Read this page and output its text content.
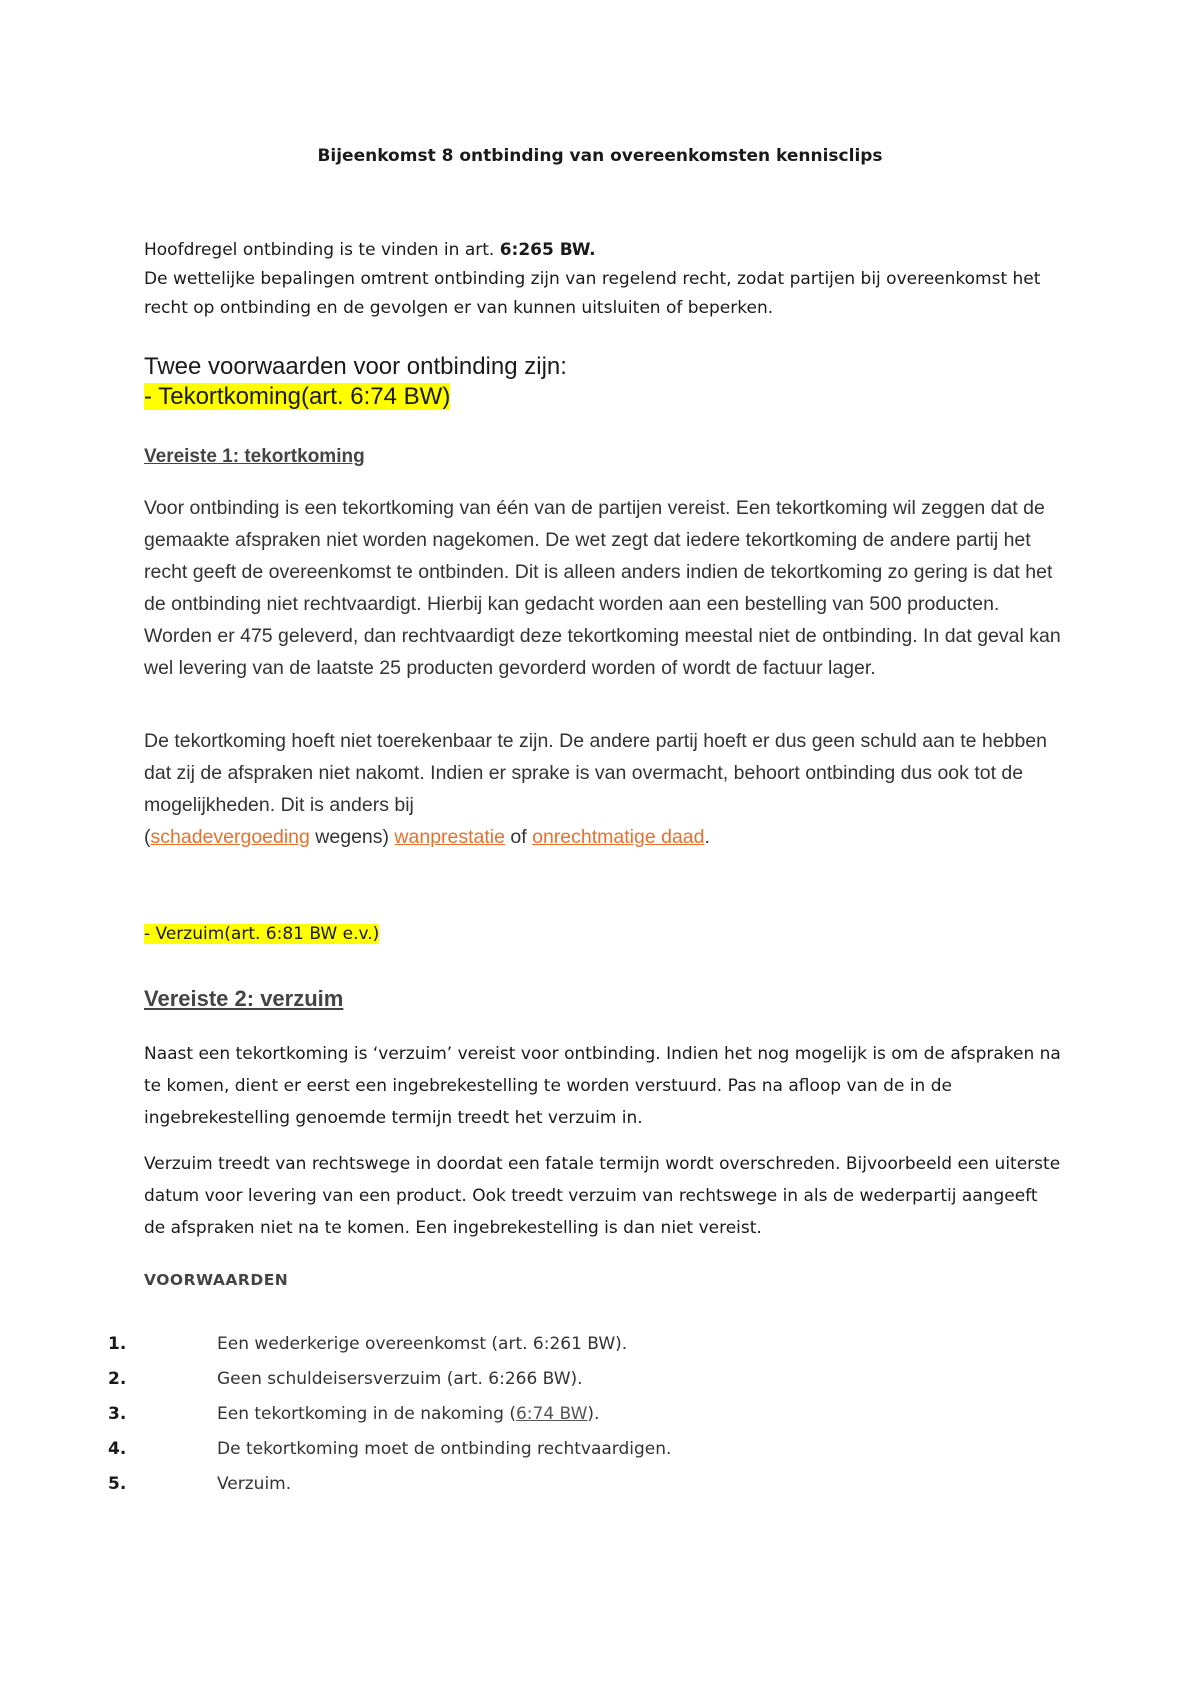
Bijeenkomst 8 ontbinding van overeenkomsten kennisclips
Hoofdregel ontbinding is te vinden in art. 6:265 BW.
De wettelijke bepalingen omtrent ontbinding zijn van regelend recht, zodat partijen bij overeenkomst het recht op ontbinding en de gevolgen er van kunnen uitsluiten of beperken.
Twee voorwaarden voor ontbinding zijn:
- Tekortkoming(art. 6:74 BW)
Vereiste 1: tekortkoming
Voor ontbinding is een tekortkoming van één van de partijen vereist. Een tekortkoming wil zeggen dat de gemaakte afspraken niet worden nagekomen. De wet zegt dat iedere tekortkoming de andere partij het recht geeft de overeenkomst te ontbinden. Dit is alleen anders indien de tekortkoming zo gering is dat het de ontbinding niet rechtvaardigt. Hierbij kan gedacht worden aan een bestelling van 500 producten. Worden er 475 geleverd, dan rechtvaardigt deze tekortkoming meestal niet de ontbinding. In dat geval kan wel levering van de laatste 25 producten gevorderd worden of wordt de factuur lager.
De tekortkoming hoeft niet toerekenbaar te zijn. De andere partij hoeft er dus geen schuld aan te hebben dat zij de afspraken niet nakomt. Indien er sprake is van overmacht, behoort ontbinding dus ook tot de mogelijkheden. Dit is anders bij
(schadevergoeding wegens) wanprestatie of onrechtmatige daad.
- Verzuim(art. 6:81 BW e.v.)
Vereiste 2: verzuim
Naast een tekortkoming is ‘verzuim’ vereist voor ontbinding. Indien het nog mogelijk is om de afspraken na te komen, dient er eerst een ingebrekestelling te worden verstuurd. Pas na afloop van de in de ingebrekestelling genoemde termijn treedt het verzuim in.
Verzuim treedt van rechtswege in doordat een fatale termijn wordt overschreden. Bijvoorbeeld een uiterste datum voor levering van een product. Ook treedt verzuim van rechtswege in als de wederpartij aangeeft de afspraken niet na te komen. Een ingebrekestelling is dan niet vereist.
VOORWAARDEN
1.	Een wederkerige overeenkomst (art. 6:261 BW).
2.	Geen schuldeisersverzuim (art. 6:266 BW).
3.	Een tekortkoming in de nakoming (6:74 BW).
4.	De tekortkoming moet de ontbinding rechtvaardigen.
5.	Verzuim.
